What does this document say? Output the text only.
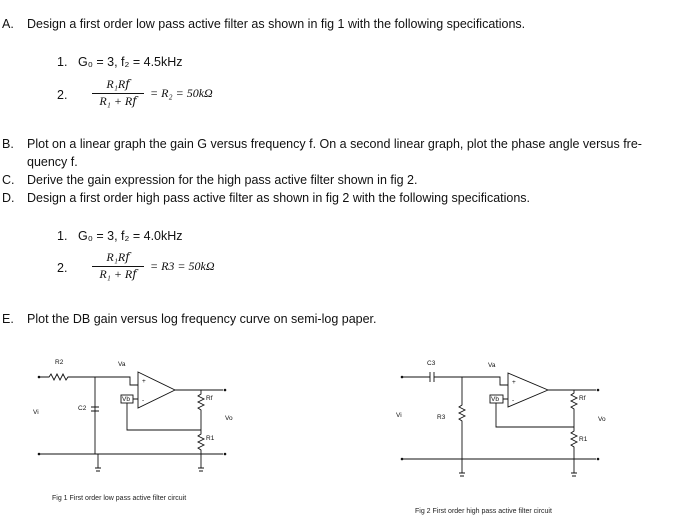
A. Design a first order low pass active filter as shown in fig 1 with the following specifications.
1. G₀ = 3, f₂ = 4.5kHz
2.
R₁R𝑓
R₁ + R𝑓
= R₂ = 50kΩ
B. Plot on a linear graph the gain G versus frequency f. On a second linear graph, plot the phase angle versus fre-
quency f.
C. Derive the gain expression for the high pass active filter shown in fig 2.
D. Design a first order high pass active filter as shown in fig 2 with the following specifications.
1. G₀ = 3, f₂ = 4.0kHz
2.
R₁R𝑓
R₁ + R𝑓
= R3 = 50kΩ
E. Plot the DB gain versus log frequency curve on semi-log paper.
R2	Va
C2
+
-
Vb	Rf
R1
Vo
Vi
Fig 1 First order low pass active filter circuit
C3	Va
R3
+
-
Vb	Rf
R1
Vo
Vi
Fig 2 First order high pass active filter circuit
